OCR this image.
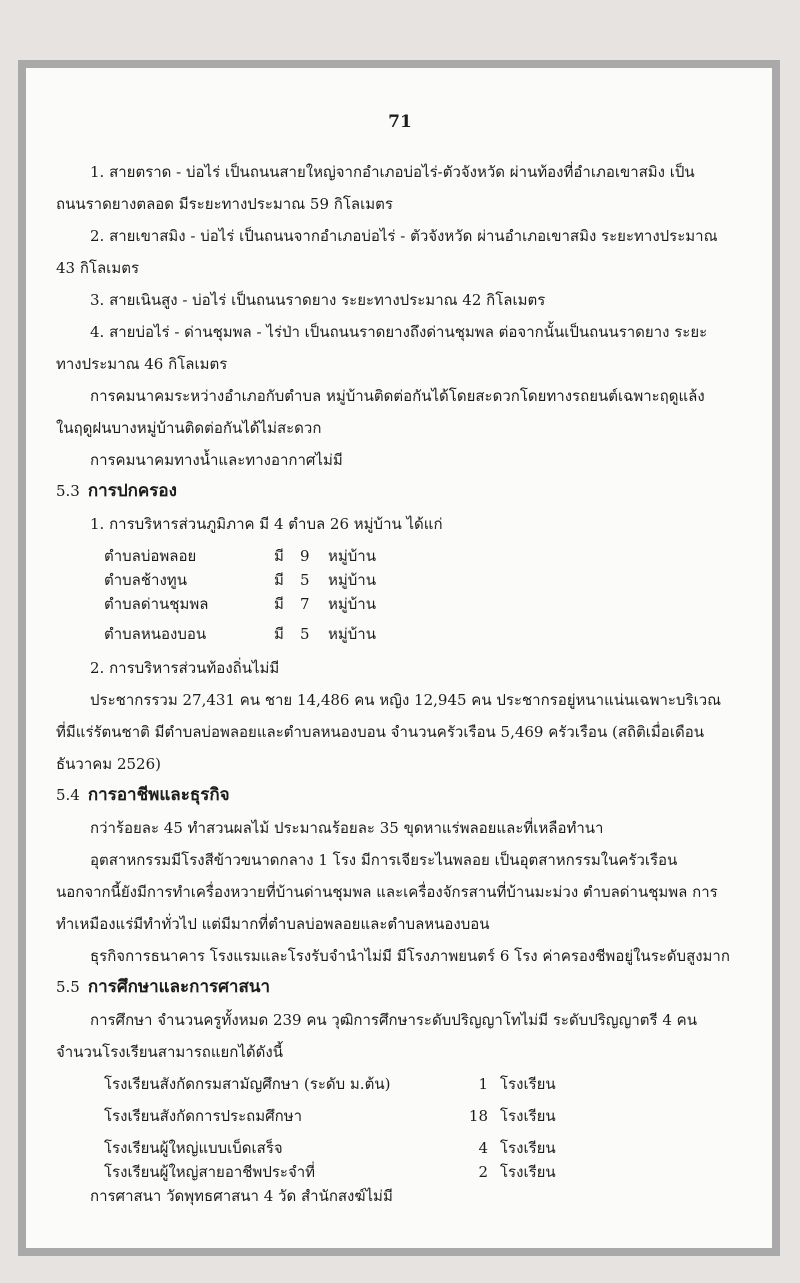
71
1. สายตราด - บ่อไร่ เป็นถนนสายใหญ่จากอำเภอบ่อไร่-ตัวจังหวัด ผ่านท้องที่อำเภอเขาสมิง เป็น
ถนนราดยางตลอด มีระยะทางประมาณ 59 กิโลเมตร
2. สายเขาสมิง - บ่อไร่ เป็นถนนจากอำเภอบ่อไร่ - ตัวจังหวัด ผ่านอำเภอเขาสมิง ระยะทางประมาณ
43 กิโลเมตร
3. สายเนินสูง - บ่อไร่ เป็นถนนราดยาง ระยะทางประมาณ 42 กิโลเมตร
4. สายบ่อไร่ - ด่านชุมพล - ไร่ป่า เป็นถนนราดยางถึงด่านชุมพล ต่อจากนั้นเป็นถนนราดยาง ระยะ
ทางประมาณ 46 กิโลเมตร
การคมนาคมระหว่างอำเภอกับตำบล หมู่บ้านติดต่อกันได้โดยสะดวกโดยทางรถยนต์เฉพาะฤดูแล้ง
ในฤดูฝนบางหมู่บ้านติดต่อกันได้ไม่สะดวก
การคมนาคมทางน้ำและทางอากาศไม่มี
1. การบริหารส่วนภูมิภาค มี 4 ตำบล 26 หมู่บ้าน ได้แก่
2. การบริหารส่วนท้องถิ่นไม่มี
ประชากรรวม 27,431 คน ชาย 14,486 คน หญิง 12,945 คน ประชากรอยู่หนาแน่นเฉพาะบริเวณ
ที่มีแร่รัตนชาติ มีตำบลบ่อพลอยและตำบลหนองบอน จำนวนครัวเรือน 5,469 ครัวเรือน (สถิติเมื่อเดือน
ธันวาคม 2526)
กว่าร้อยละ 45 ทำสวนผลไม้ ประมาณร้อยละ 35 ขุดหาแร่พลอยและที่เหลือทำนา
อุตสาหกรรมมีโรงสีข้าวขนาดกลาง 1 โรง มีการเจียระไนพลอย เป็นอุตสาหกรรมในครัวเรือน
นอกจากนี้ยังมีการทำเครื่องหวายที่บ้านด่านชุมพล และเครื่องจักรสานที่บ้านมะม่วง ตำบลด่านชุมพล การ
ทำเหมืองแร่มีทำทั่วไป แต่มีมากที่ตำบลบ่อพลอยและตำบลหนองบอน
ธุรกิจการธนาคาร โรงแรมและโรงรับจำนำไม่มี มีโรงภาพยนตร์ 6 โรง ค่าครองชีพอยู่ในระดับสูงมาก
การศึกษา จำนวนครูทั้งหมด 239 คน วุฒิการศึกษาระดับปริญญาโทไม่มี ระดับปริญญาตรี 4 คน
จำนวนโรงเรียนสามารถแยกได้ดังนี้
การศาสนา วัดพุทธศาสนา 4 วัด สำนักสงฆ์ไม่มี
5.3 การปกครอง
5.4 การอาชีพและธุรกิจ
5.5 การศึกษาและการศาสนา
ตำบลบ่อพลอย	มี 9 หมู่บ้าน
ตำบลช้างทูน	มี 5 หมู่บ้าน
ตำบลด่านชุมพล	มี 7 หมู่บ้าน
ตำบลหนองบอน	มี 5 หมู่บ้าน
โรงเรียนสังกัดกรมสามัญศึกษา (ระดับ ม.ต้น)	1 โรงเรียน
โรงเรียนสังกัดการประถมศึกษา	18 โรงเรียน
โรงเรียนผู้ใหญ่แบบเบ็ดเสร็จ	4 โรงเรียน
โรงเรียนผู้ใหญ่สายอาชีพประจำที่	2 โรงเรียน
